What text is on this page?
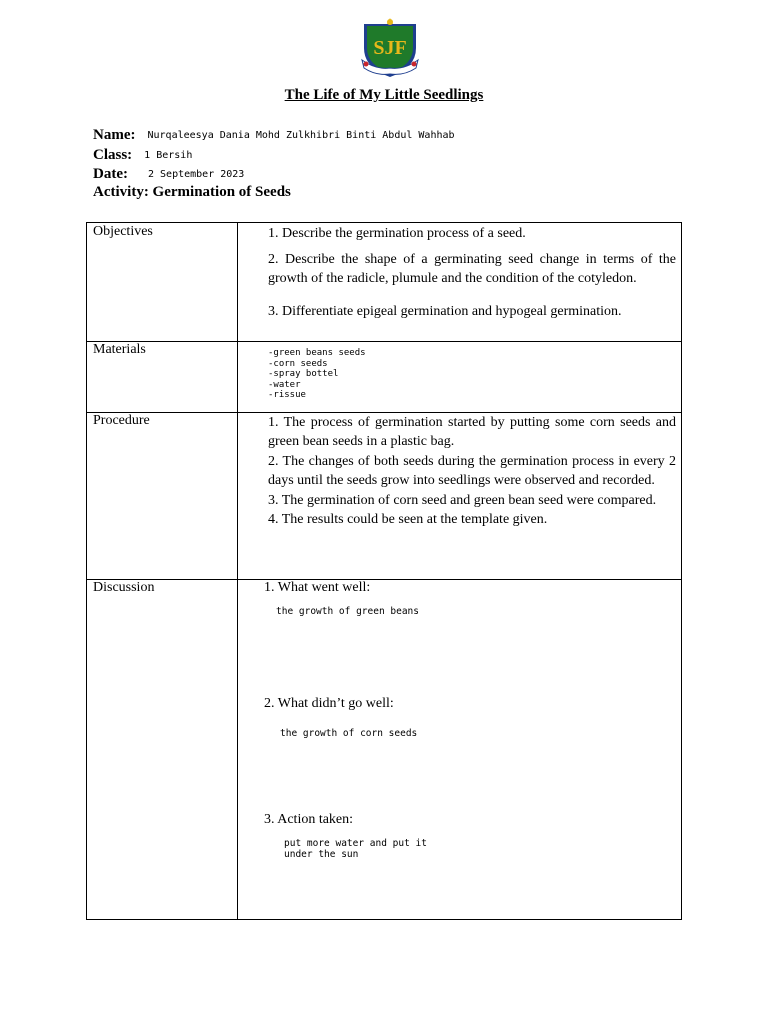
SJF
The Life of My Little Seedlings
Name: Nurqaleesya Dania Mohd Zulkhibri Binti Abdul Wahhab
Class: 1 Bersih
Date: 2 September 2023
Activity: Germination of Seeds
Objectives	1. Describe the germination process of a seed.

2. Describe the shape of a germinating seed change in terms of the growth of the radicle, plumule and the condition of the cotyledon.

3. Differentiate epigeal germination and hypogeal germination.

Materials	-green beans seeds
-corn seeds
-spray bottel
-water
-rissue
Procedure	1. The process of germination started by putting some corn seeds and green bean seeds in a plastic bag.

2. The changes of both seeds during the germination process in every 2 days until the seeds grow into seedlings were observed and recorded.

3. The germination of corn seed and green bean seed were compared.

4. The results could be seen at the template given.

Discussion	1. What went well:
the growth of green beans
2. What didn’t go well:
the growth of corn seeds
3. Action taken:
put more water and put it
under the sun
